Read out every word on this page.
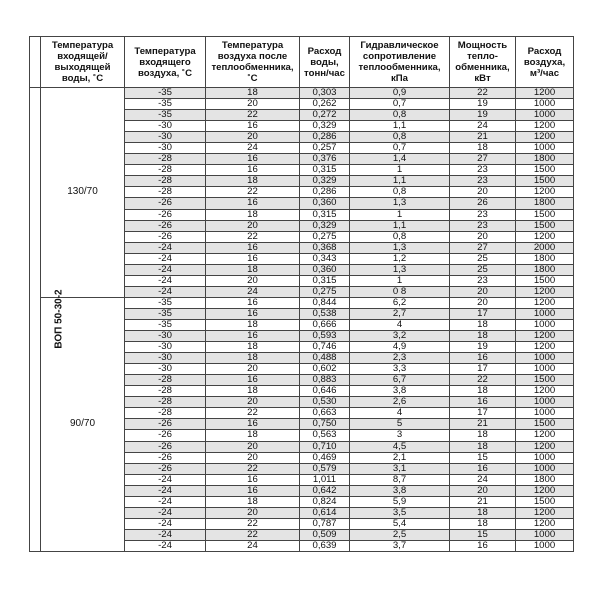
	Температура
входящей/
выходящей
воды, ˚С	Температура
входящего
воздуха, ˚С	Температура
воздуха после
теплообменника,
˚С	Расход
воды,
тонн/час	Гидравлическое
сопротивление
теплообменника,
кПа	Мощность
тепло-
обменника,
кВт	Расход
воздуха,
м³/час

ВОП 50-30-2	130/70	-35	18	0,303	0,9	22	1200
		-35	20	0,262	0,7	19	1000
		-35	22	0,272	0,8	19	1000
		-30	16	0,329	1,1	24	1200
		-30	20	0,286	0,8	21	1200
		-30	24	0,257	0,7	18	1000
		-28	16	0,376	1,4	27	1800
		-28	16	0,315	1	23	1500
		-28	18	0,329	1,1	23	1500
		-28	22	0,286	0,8	20	1200
		-26	16	0,360	1,3	26	1800
		-26	18	0,315	1	23	1500
		-26	20	0,329	1,1	23	1500
		-26	22	0,275	0,8	20	1200
		-24	16	0,368	1,3	27	2000
		-24	16	0,343	1,2	25	1800
		-24	18	0,360	1,3	25	1800
		-24	20	0,315	1	23	1500
		-24	24	0,275	0 8	20	1200
	90/70	-35	16	0,844	6,2	20	1200
		-35	16	0,538	2,7	17	1000
		-35	18	0,666	4	18	1000
		-30	16	0,593	3,2	18	1200
		-30	18	0,746	4,9	19	1200
		-30	18	0,488	2,3	16	1000
		-30	20	0,602	3,3	17	1000
		-28	16	0,883	6,7	22	1500
		-28	18	0,646	3,8	18	1200
		-28	20	0,530	2,6	16	1000
		-28	22	0,663	4	17	1000
		-26	16	0,750	5	21	1500
		-26	18	0,563	3	18	1200
		-26	20	0,710	4,5	18	1200
		-26	20	0,469	2,1	15	1000
		-26	22	0,579	3,1	16	1000
		-24	16	1,011	8,7	24	1800
		-24	16	0,642	3,8	20	1200
		-24	18	0,824	5,9	21	1500
		-24	20	0,614	3,5	18	1200
		-24	22	0,787	5,4	18	1200
		-24	22	0,509	2,5	15	1000
		-24	24	0,639	3,7	16	1000
